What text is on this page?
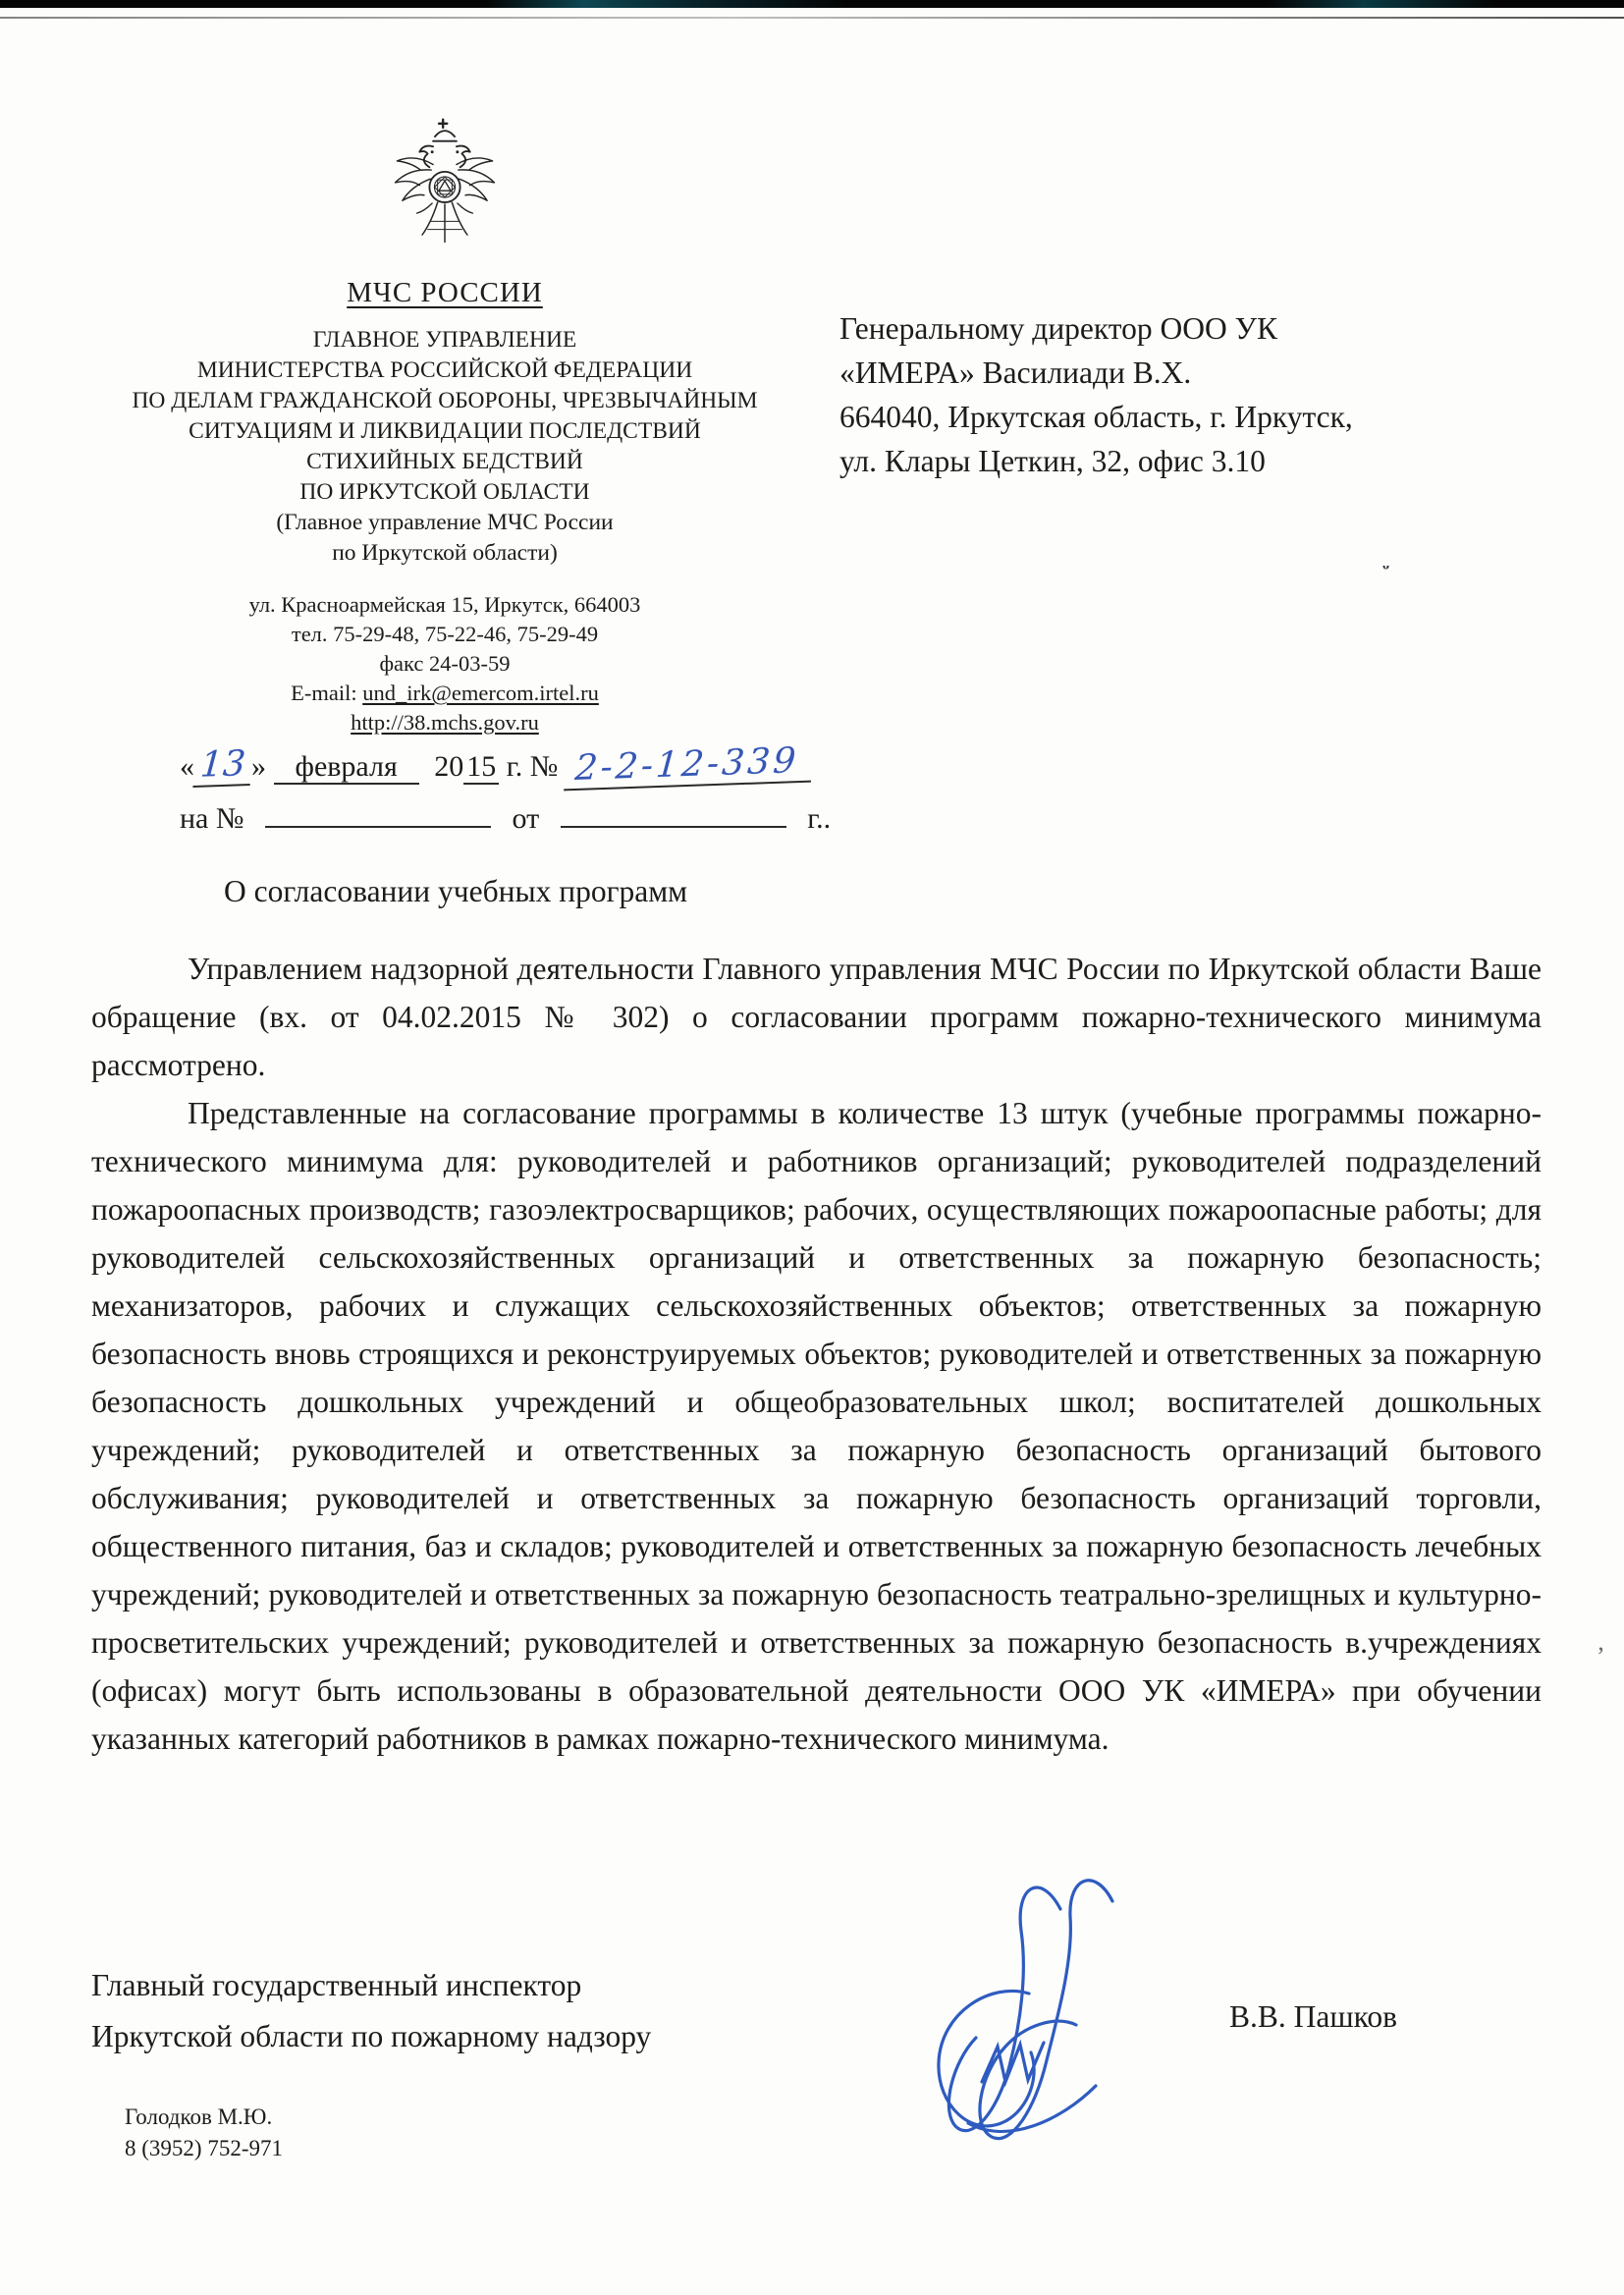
МЧС РОССИИ
ГЛАВНОЕ УПРАВЛЕНИЕ
МИНИСТЕРСТВА РОССИЙСКОЙ ФЕДЕРАЦИИ
ПО ДЕЛАМ ГРАЖДАНСКОЙ ОБОРОНЫ, ЧРЕЗВЫЧАЙНЫМ
СИТУАЦИЯМ И ЛИКВИДАЦИИ ПОСЛЕДСТВИЙ
СТИХИЙНЫХ БЕДСТВИЙ
ПО ИРКУТСКОЙ ОБЛАСТИ
(Главное управление МЧС России
по Иркутской области)
ул. Красноармейская 15, Иркутск, 664003
тел. 75-29-48, 75-22-46, 75-29-49
факс 24-03-59
E-mail: und_irk@emercom.irtel.ru
http://38.mchs.gov.ru
Генеральному директор ООО УК
«ИМЕРА» Василиади В.Х.
664040, Иркутская область, г. Иркутск,
ул. Клары Цеткин, 32, офис 3.10
ᵕ
’
« 13 » февраля 20 15 г. № 2-2-12-339
на №	от	г..
О согласовании учебных программ

Управлением надзорной деятельности Главного управления МЧС России по Иркутской области Ваше обращение (вх. от 04.02.2015 № 302) о согласовании программ пожарно-технического минимума рассмотрено.

Представленные на согласование программы в количестве 13 штук (учебные программы пожарно-технического минимума для: руководителей и работников организаций; руководителей подразделений пожароопасных производств; газоэлектросварщиков; рабочих, осуществляющих пожароопасные работы; для руководителей сельскохозяйственных организаций и ответственных за пожарную безопасность; механизаторов, рабочих и служащих сельскохозяйственных объектов; ответственных за пожарную безопасность вновь строящихся и реконструируемых объектов; руководителей и ответственных за пожарную безопасность дошкольных учреждений и общеобразовательных школ; воспитателей дошкольных учреждений; руководителей и ответственных за пожарную безопасность организаций бытового обслуживания; руководителей и ответственных за пожарную безопасность организаций торговли, общественного питания, баз и складов; руководителей и ответственных за пожарную безопасность лечебных учреждений; руководителей и ответственных за пожарную безопасность театрально-зрелищных и культурно-просветительских учреждений; руководителей и ответственных за пожарную безопасность в.учреждениях (офисах) могут быть использованы в образовательной деятельности ООО УК «ИМЕРА» при обучении указанных категорий работников в рамках пожарно-технического минимума.

Главный государственный инспектор
Иркутской области по пожарному надзору
В.В. Пашков
Голодков М.Ю.
8 (3952) 752-971
